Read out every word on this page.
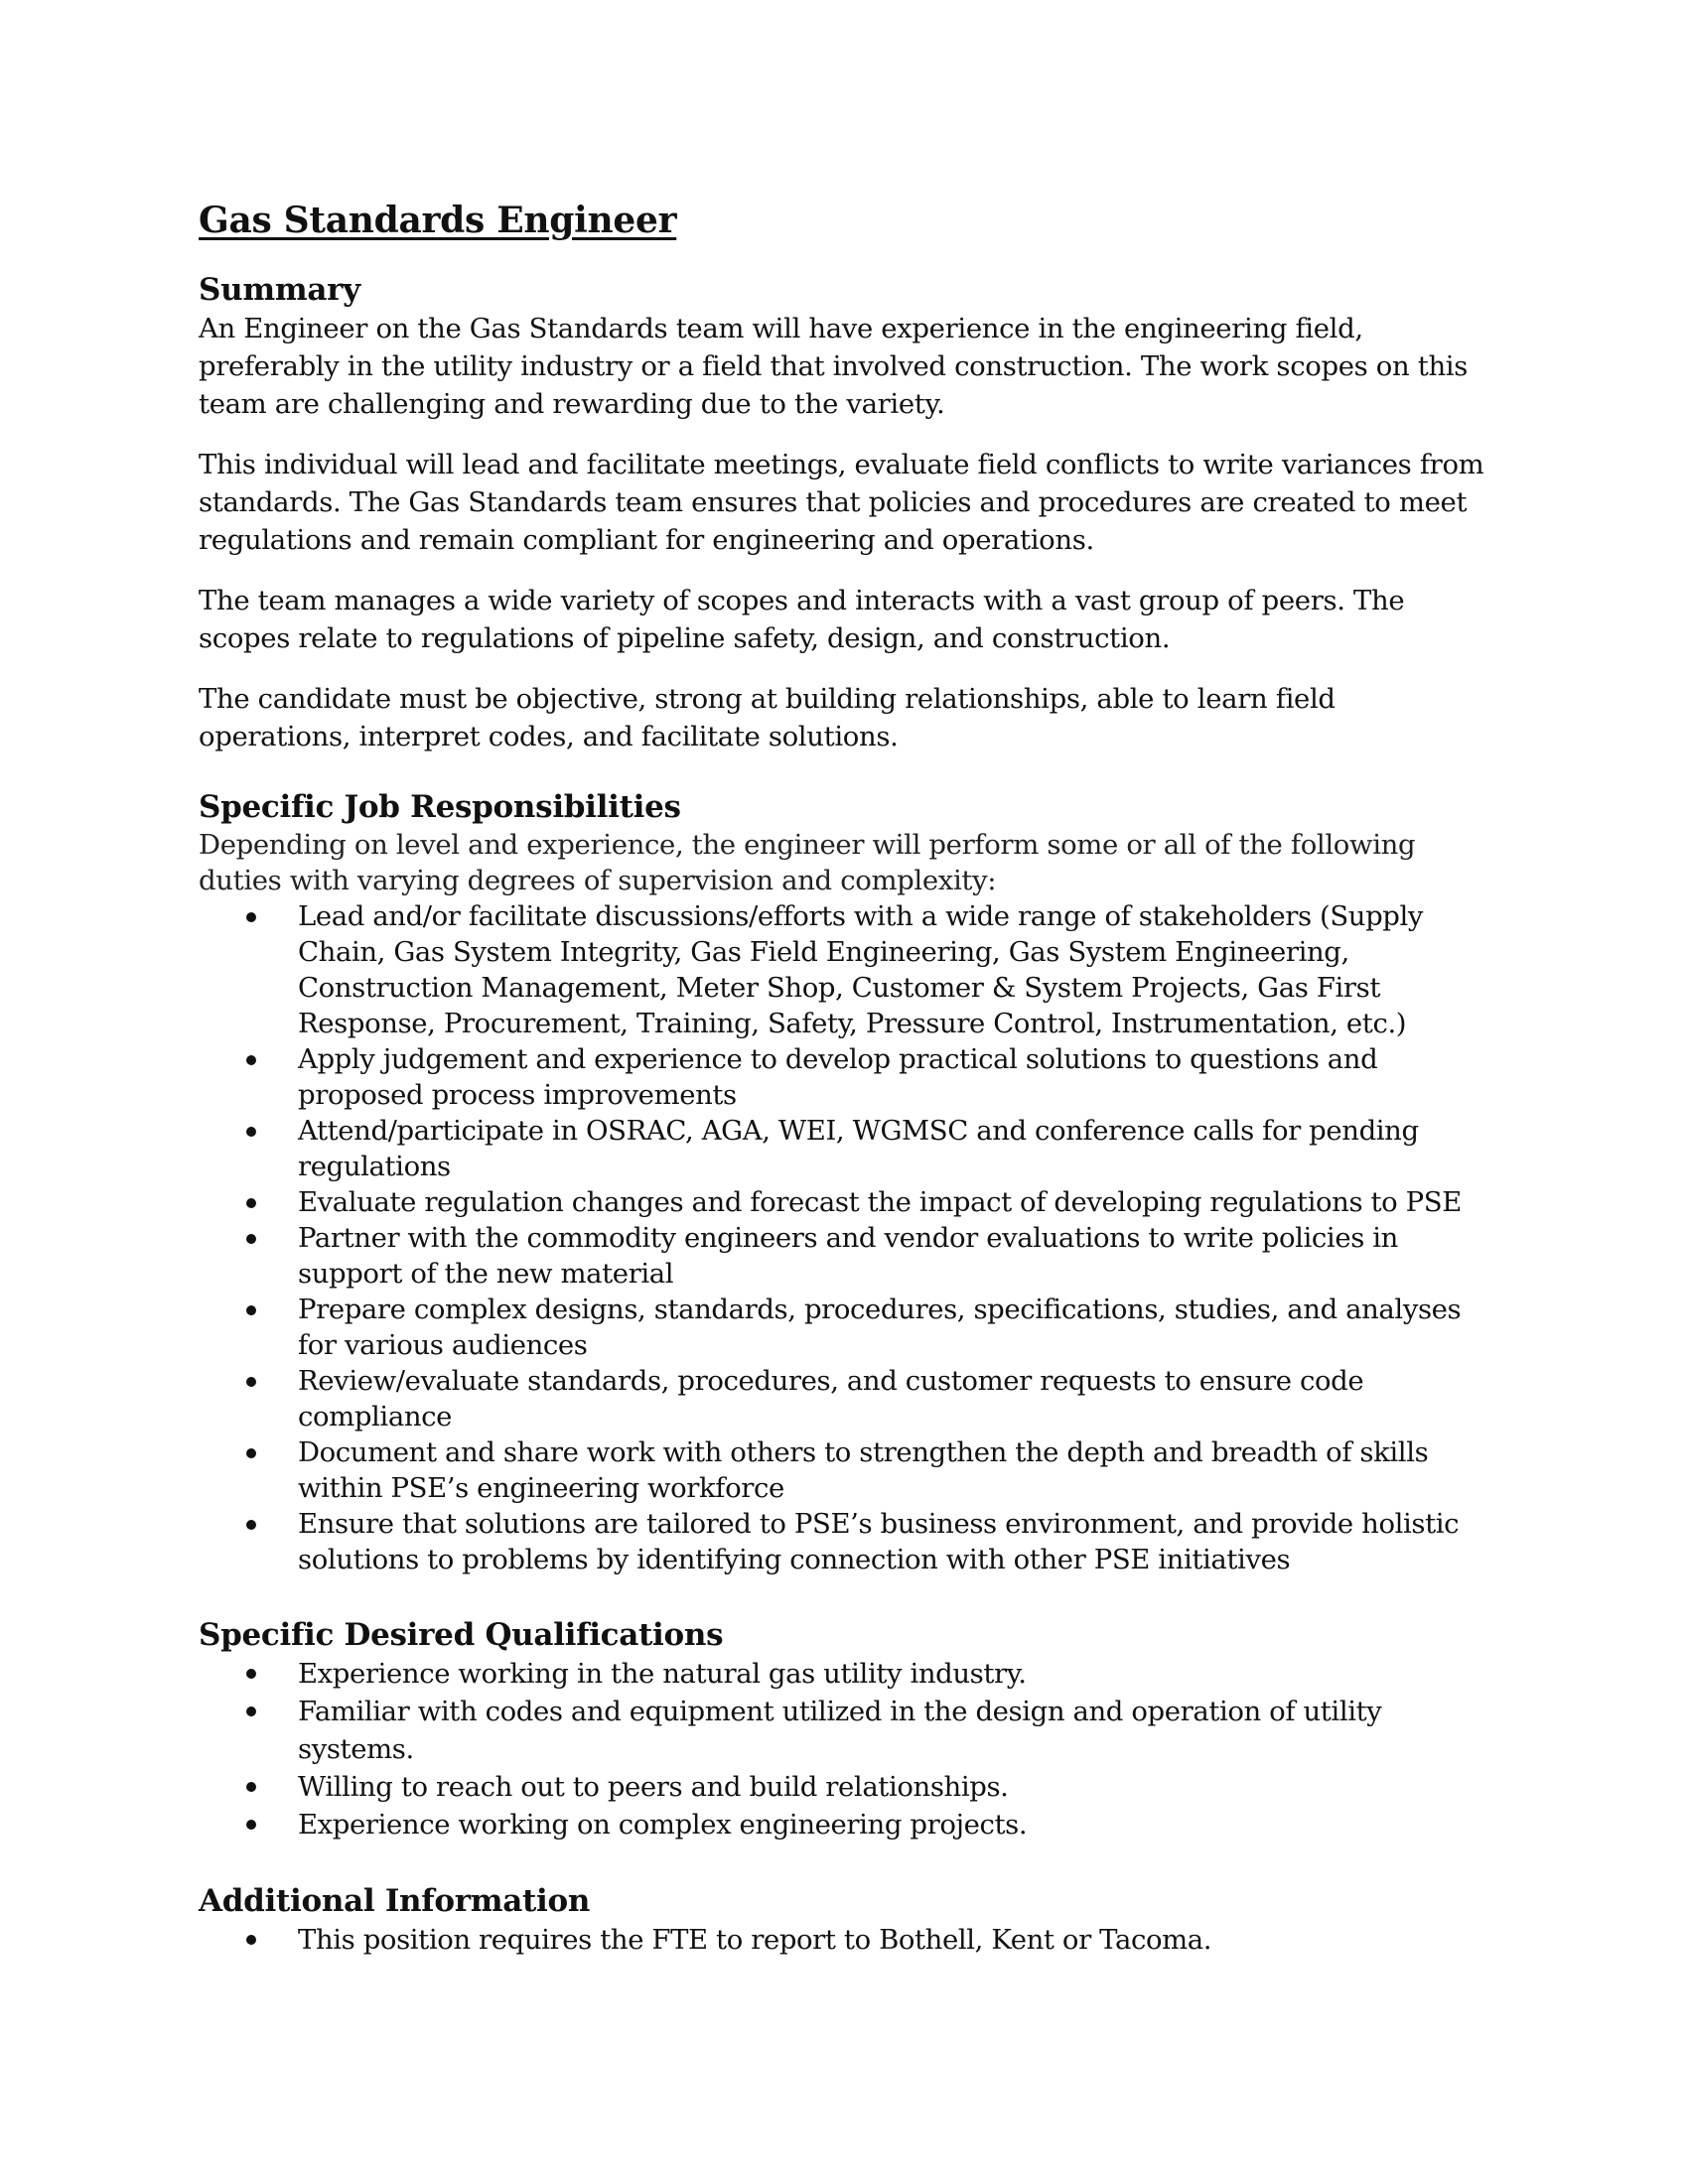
Gas Standards Engineer
Summary

An Engineer on the Gas Standards team will have experience in the engineering field, preferably in the utility industry or a field that involved construction. The work scopes on this team are challenging and rewarding due to the variety.

This individual will lead and facilitate meetings, evaluate field conflicts to write variances from standards. The Gas Standards team ensures that policies and procedures are created to meet regulations and remain compliant for engineering and operations.

The team manages a wide variety of scopes and interacts with a vast group of peers. The scopes relate to regulations of pipeline safety, design, and construction.

The candidate must be objective, strong at building relationships, able to learn field operations, interpret codes, and facilitate solutions.

Specific Job Responsibilities

Depending on level and experience, the engineer will perform some or all of the following duties with varying degrees of supervision and complexity:

Lead and/or facilitate discussions/efforts with a wide range of stakeholders (Supply Chain, Gas System Integrity, Gas Field Engineering, Gas System Engineering, Construction Management, Meter Shop, Customer & System Projects, Gas First Response, Procurement, Training, Safety, Pressure Control, Instrumentation, etc.)
Apply judgement and experience to develop practical solutions to questions and proposed process improvements
Attend/participate in OSRAC, AGA, WEI, WGMSC and conference calls for pending regulations
Evaluate regulation changes and forecast the impact of developing regulations to PSE
Partner with the commodity engineers and vendor evaluations to write policies in support of the new material
Prepare complex designs, standards, procedures, specifications, studies, and analyses for various audiences
Review/evaluate standards, procedures, and customer requests to ensure code compliance
Document and share work with others to strengthen the depth and breadth of skills within PSE’s engineering workforce
Ensure that solutions are tailored to PSE’s business environment, and provide holistic solutions to problems by identifying connection with other PSE initiatives
Specific Desired Qualifications
Experience working in the natural gas utility industry.
Familiar with codes and equipment utilized in the design and operation of utility systems.
Willing to reach out to peers and build relationships.
Experience working on complex engineering projects.
Additional Information
This position requires the FTE to report to Bothell, Kent or Tacoma.
